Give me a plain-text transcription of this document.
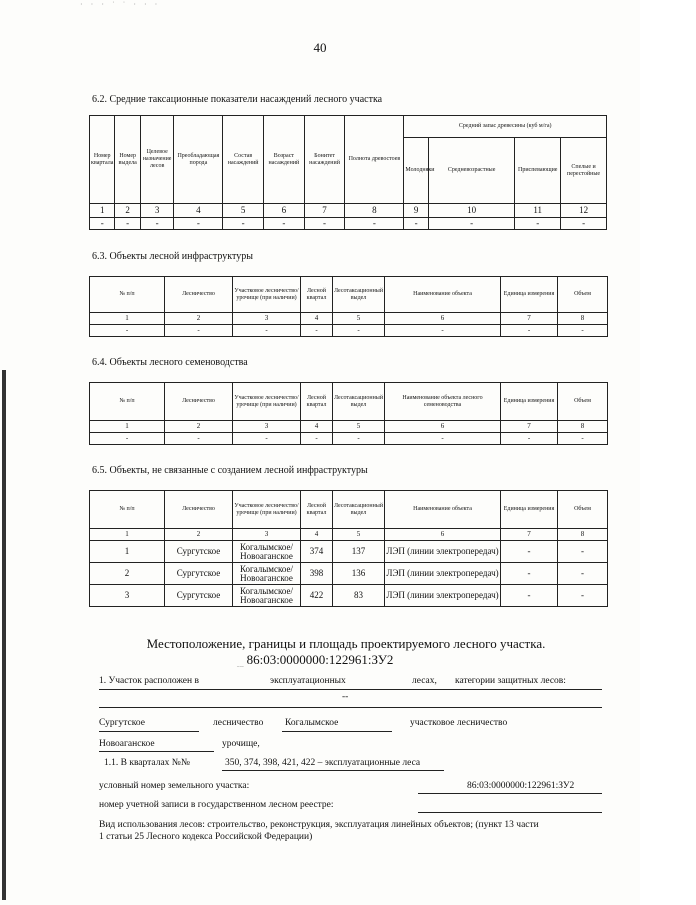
· · · ˙ ˙ · · ·
40
6.2. Средние таксационные показатели насаждений лесного участка
Номер квартала	Номер выдела	Целевое назначение лесов	Преобладающая порода	Состав насаждений	Возраст насаждений	Бонитет насаждений	Полнота древостоев	Средний запас древесины (куб м/га)			
								Молодняки	Средневозрастные	Приспевающие	Спелые и перестойные
1	2	3	4	5	6	7	8	9	10	11	12
-	-	-	-	-	-	-	-	-	-	-	-
6.3. Объекты лесной инфраструктуры
№ п/п	Лесничество	Участковое лесничество/урочище (при наличии)	Лесной квартал	Лесотаксационный выдел	Наименование объекта	Единица измерения	Объем
1	2	3	4	5	6	7	8
-	-	-	-	-	-	-	-
6.4. Объекты лесного семеноводства
№ п/п	Лесничество	Участковое лесничество/урочище (при наличии)	Лесной квартал	Лесотаксационный выдел	Наименование объекта лесного семеноводства	Единица измерения	Объем
1	2	3	4	5	6	7	8
-	-	-	-	-	-	-	-
6.5. Объекты, не связанные с созданием лесной инфраструктуры
№ п/п	Лесничество	Участковое лесничество/урочище (при наличии)	Лесной квартал	Лесотаксационный выдел	Наименование объекта	Единица измерения	Объем
1	2	3	4	5	6	7	8
1	Сургутское	Когалымское/ Новоаганское	374	137	ЛЭП (линии электропередач)	-	-
2	Сургутское	Когалымское/ Новоаганское	398	136	ЛЭП (линии электропередач)	-	-
3	Сургутское	Когалымское/ Новоаганское	422	83	ЛЭП (линии электропередач)	-	-
Местоположение, границы и площадь проектируемого лесного участка.
86:03:0000000:122961:ЗУ2
‒·‒
1. Участок расположен в	эксплуатационных	лесах, категории защитных лесов:
--
Сургутское	лесничество Когалымское	участковое лесничество
Новоаганское	урочище,
1.1. В кварталах №№	350, 374, 398, 421, 422 – эксплуатационные леса
условный номер земельного участка:	86:03:0000000:122961:ЗУ2
номер учетной записи в государственном лесном реестре:
Вид использования лесов: строительство, реконструкция, эксплуатация линейных объектов; (пункт 13 части
1 статьи 25 Лесного кодекса Российской Федерации)
